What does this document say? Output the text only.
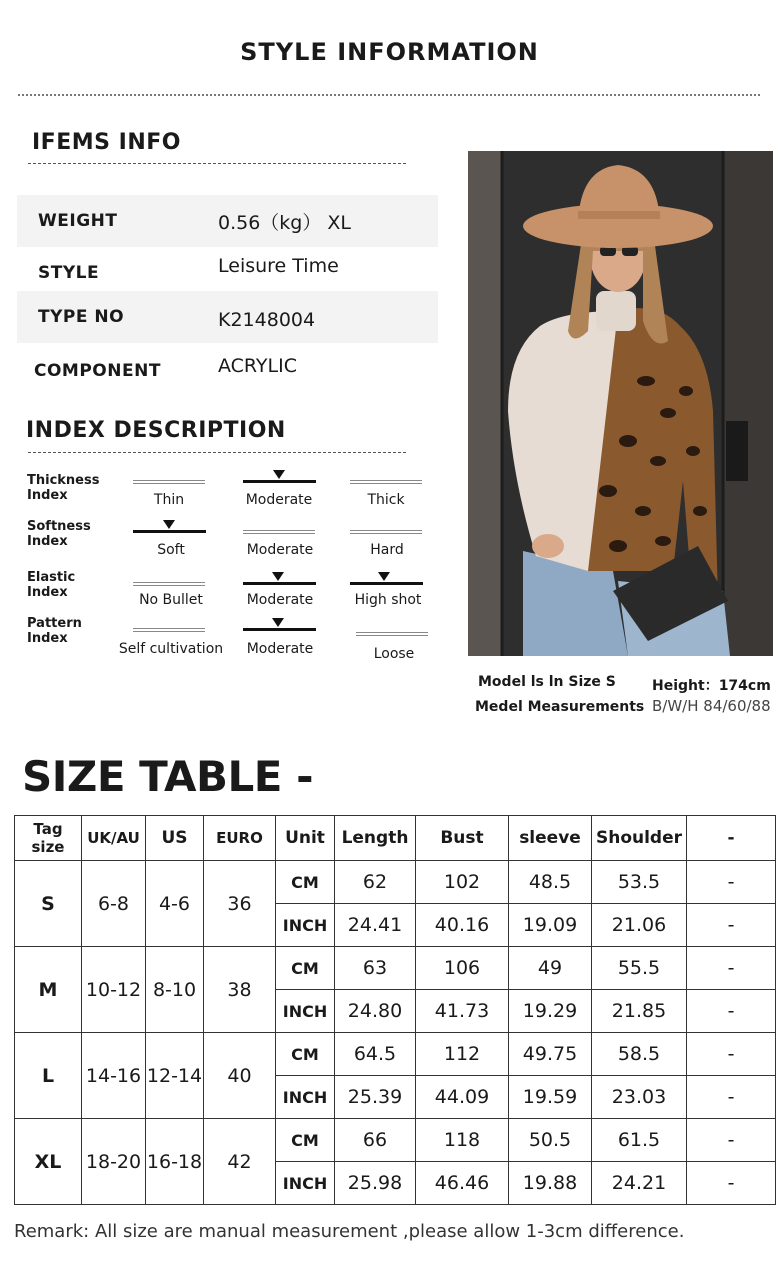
STYLE INFORMATION
IFEMS INFO
WEIGHT	0.56（kg） XL
STYLE	Leisure Time
TYPE NO	K2148004
COMPONENT	ACRYLIC
INDEX DESCRIPTION
Thickness
Index	Thin	Moderate	Thick
Softness
Index
Soft	Moderate	Hard
Elastic
Index	No Bullet	Moderate	High shot
Pattern
Index
Self cultivation	Moderate	Loose
Model ls ln Size S
Medel Measurements
Height：174cm
B/W/H 84/60/88
SIZE TABLE -
Tag size	UK/AU	US	EURO	Unit	Length	Bust	sleeve	Shoulder	-
S	6-8	4-6	36	CM	62	102	48.5	53.5	-
				INCH	24.41	40.16	19.09	21.06	-
M	10-12	8-10	38	CM	63	106	49	55.5	-
				INCH	24.80	41.73	19.29	21.85	-
L	14-16	12-14	40	CM	64.5	112	49.75	58.5	-
				INCH	25.39	44.09	19.59	23.03	-
XL	18-20	16-18	42	CM	66	118	50.5	61.5	-
				INCH	25.98	46.46	19.88	24.21	-
Remark: All size are manual measurement ,please allow 1-3cm difference.
